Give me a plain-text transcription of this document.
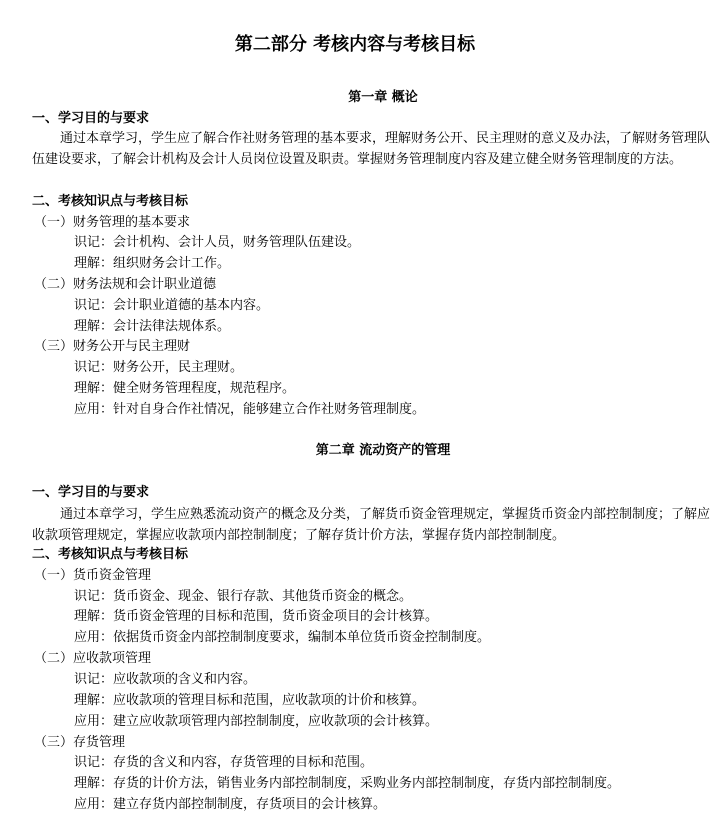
第二部分 考核内容与考核目标
第一章 概论
一、学习目的与要求
通过本章学习，学生应了解合作社财务管理的基本要求，理解财务公开、民主理财的意义及办法，了解财务管理队伍建设要求，了解会计机构及会计人员岗位设置及职责。掌握财务管理制度内容及建立健全财务管理制度的方法。
二、考核知识点与考核目标
（一）财务管理的基本要求
识记：会计机构、会计人员，财务管理队伍建设。
理解：组织财务会计工作。
（二）财务法规和会计职业道德
识记：会计职业道德的基本内容。
理解：会计法律法规体系。
（三）财务公开与民主理财
识记：财务公开，民主理财。
理解：健全财务管理程度，规范程序。
应用：针对自身合作社情况，能够建立合作社财务管理制度。
第二章 流动资产的管理
一、学习目的与要求
通过本章学习，学生应熟悉流动资产的概念及分类，了解货币资金管理规定，掌握货币资金内部控制制度；了解应收款项管理规定，掌握应收款项内部控制制度；了解存货计价方法，掌握存货内部控制制度。
二、考核知识点与考核目标
（一）货币资金管理
识记：货币资金、现金、银行存款、其他货币资金的概念。
理解：货币资金管理的目标和范围，货币资金项目的会计核算。
应用：依据货币资金内部控制制度要求，编制本单位货币资金控制制度。
（二）应收款项管理
识记：应收款项的含义和内容。
理解：应收款项的管理目标和范围，应收款项的计价和核算。
应用：建立应收款项管理内部控制制度，应收款项的会计核算。
（三）存货管理
识记：存货的含义和内容，存货管理的目标和范围。
理解：存货的计价方法，销售业务内部控制制度，采购业务内部控制制度，存货内部控制制度。
应用：建立存货内部控制制度，存货项目的会计核算。
